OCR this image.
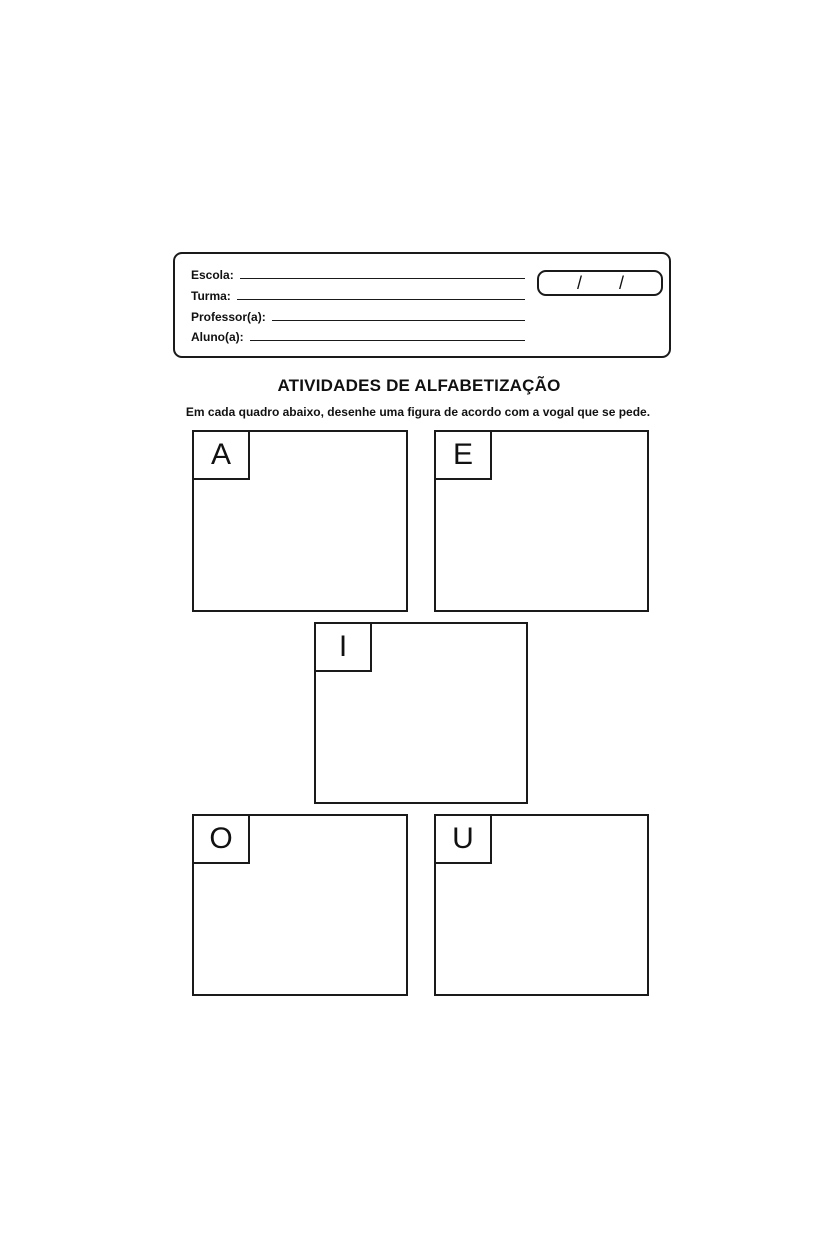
Escola:
Turma:
Professor(a):
Aluno(a):
/ /
ATIVIDADES DE ALFABETIZAÇÃO
Em cada quadro abaixo, desenhe uma figura de acordo com a vogal que se pede.
A	E
I
O	U
